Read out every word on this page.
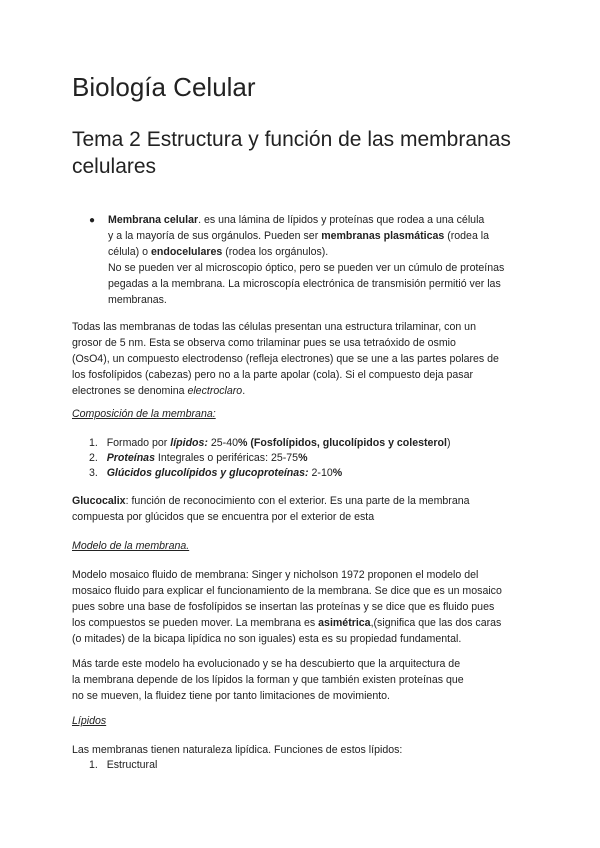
Biología Celular
Tema 2 Estructura y función de las membranas celulares
● Membrana celular. es una lámina de lípidos y proteínas que rodea a una célula
y a la mayoría de sus orgánulos. Pueden ser membranas plasmáticas (rodea la
célula) o endocelulares (rodea los orgánulos).
No se pueden ver al microscopio óptico, pero se pueden ver un cúmulo de proteínas
pegadas a la membrana. La microscopía electrónica de transmisión permitió ver las
membranas.
Todas las membranas de todas las células presentan una estructura trilaminar, con un
grosor de 5 nm. Esta se observa como trilaminar pues se usa tetraóxido de osmio
(OsO4), un compuesto electrodenso (refleja electrones) que se une a las partes polares de
los fosfolípidos (cabezas) pero no a la parte apolar (cola). Si el compuesto deja pasar
electrones se denomina electroclaro.
Composición de la membrana:
1. Formado por lípidos: 25-40% (Fosfolípidos, glucolípidos y colesterol)
2. Proteínas Integrales o periféricas: 25-75%
3. Glúcidos glucolípidos y glucoproteínas: 2-10%
Glucocalix: función de reconocimiento con el exterior. Es una parte de la membrana
compuesta por glúcidos que se encuentra por el exterior de esta
Modelo de la membrana.
Modelo mosaico fluido de membrana: Singer y nicholson 1972 proponen el modelo del
mosaico fluido para explicar el funcionamiento de la membrana. Se dice que es un mosaico
pues sobre una base de fosfolípidos se insertan las proteínas y se dice que es fluido pues
los compuestos se pueden mover. La membrana es asimétrica,(significa que las dos caras
(o mitades) de la bicapa lipídica no son iguales) esta es su propiedad fundamental.
Más tarde este modelo ha evolucionado y se ha descubierto que la arquitectura de
la membrana depende de los lípidos la forman y que también existen proteínas que
no se mueven, la fluidez tiene por tanto limitaciones de movimiento.
Lípidos
Las membranas tienen naturaleza lipídica. Funciones de estos lípidos:
1. Estructural
